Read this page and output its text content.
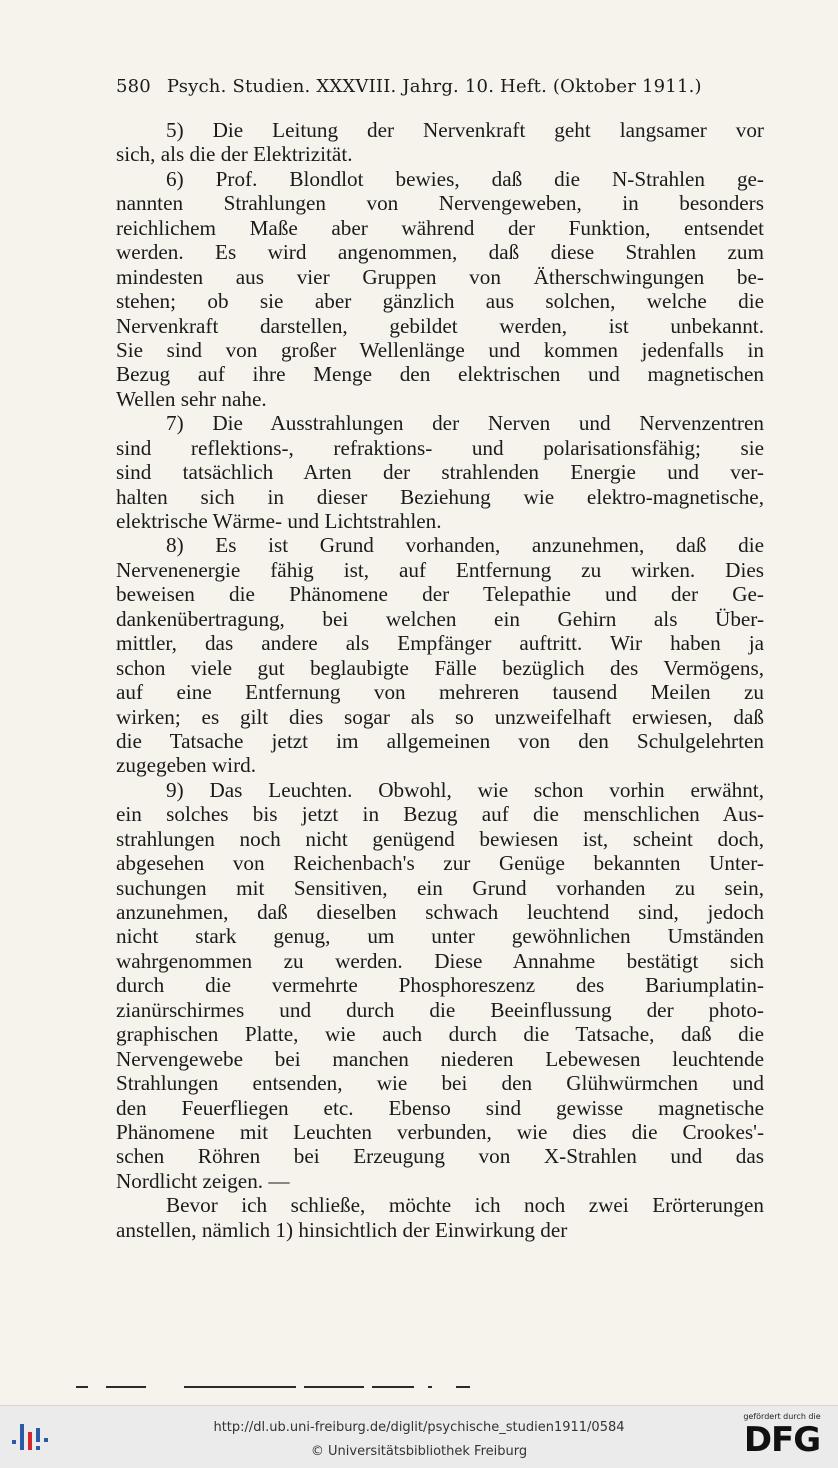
580 Psych. Studien. XXXVIII. Jahrg. 10. Heft. (Oktober 1911.)
5) Die Leitung der Nervenkraft geht langsamer vor
sich, als die der Elektrizität.
6) Prof. Blondlot bewies, daß die N-Strahlen ge-
nannten Strahlungen von Nervengeweben, in besonders
reichlichem Maße aber während der Funktion, entsendet
werden. Es wird angenommen, daß diese Strahlen zum
mindesten aus vier Gruppen von Ätherschwingungen be-
stehen; ob sie aber gänzlich aus solchen, welche die
Nervenkraft darstellen, gebildet werden, ist unbekannt.
Sie sind von großer Wellenlänge und kommen jedenfalls in
Bezug auf ihre Menge den elektrischen und magnetischen
Wellen sehr nahe.
7) Die Ausstrahlungen der Nerven und Nervenzentren
sind reflektions-, refraktions- und polarisationsfähig; sie
sind tatsächlich Arten der strahlenden Energie und ver-
halten sich in dieser Beziehung wie elektro-magnetische,
elektrische Wärme- und Lichtstrahlen.
8) Es ist Grund vorhanden, anzunehmen, daß die
Nervenenergie fähig ist, auf Entfernung zu wirken. Dies
beweisen die Phänomene der Telepathie und der Ge-
dankenübertragung, bei welchen ein Gehirn als Über-
mittler, das andere als Empfänger auftritt. Wir haben ja
schon viele gut beglaubigte Fälle bezüglich des Vermögens,
auf eine Entfernung von mehreren tausend Meilen zu
wirken; es gilt dies sogar als so unzweifelhaft erwiesen, daß
die Tatsache jetzt im allgemeinen von den Schulgelehrten
zugegeben wird.
9) Das Leuchten. Obwohl, wie schon vorhin erwähnt,
ein solches bis jetzt in Bezug auf die menschlichen Aus-
strahlungen noch nicht genügend bewiesen ist, scheint doch,
abgesehen von Reichenbach's zur Genüge bekannten Unter-
suchungen mit Sensitiven, ein Grund vorhanden zu sein,
anzunehmen, daß dieselben schwach leuchtend sind, jedoch
nicht stark genug, um unter gewöhnlichen Umständen
wahrgenommen zu werden. Diese Annahme bestätigt sich
durch die vermehrte Phosphoreszenz des Bariumplatin-
zianürschirmes und durch die Beeinflussung der photo-
graphischen Platte, wie auch durch die Tatsache, daß die
Nervengewebe bei manchen niederen Lebewesen leuchtende
Strahlungen entsenden, wie bei den Glühwürmchen und
den Feuerfliegen etc. Ebenso sind gewisse magnetische
Phänomene mit Leuchten verbunden, wie dies die Crookes'-
schen Röhren bei Erzeugung von X-Strahlen und das
Nordlicht zeigen. —
Bevor ich schließe, möchte ich noch zwei Erörterungen
anstellen, nämlich 1) hinsichtlich der Einwirkung der
http://dl.ub.uni-freiburg.de/diglit/psychische_studien1911/0584
© Universitätsbibliothek Freiburg
gefördert durch die
DFG
